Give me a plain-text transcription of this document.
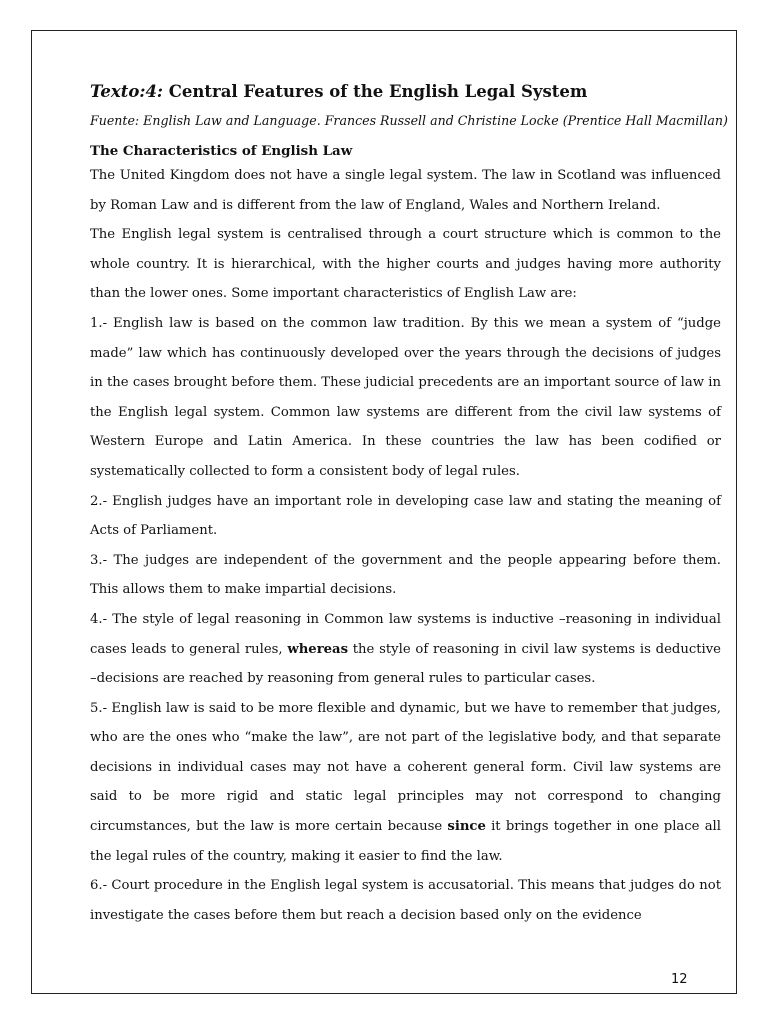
Texto:4: Central Features of the English Legal System

Fuente: English Law and Language. Frances Russell and Christine Locke (Prentice Hall Macmillan)

The Characteristics of English Law

The United Kingdom does not have a single legal system. The law in Scotland was influenced by Roman Law and is different from the law of England, Wales and Northern Ireland.

The English legal system is centralised through a court structure which is common to the whole country. It is hierarchical, with the higher courts and judges having more authority than the lower ones. Some important characteristics of English Law are:

1.- English law is based on the common law tradition. By this we mean a system of “judge made” law which has continuously developed over the years through the decisions of judges in the cases brought before them. These judicial precedents are an important source of law in the English legal system. Common law systems are different from the civil law systems of Western Europe and Latin America. In these countries the law has been codified or systematically collected to form a consistent body of legal rules.

2.- English judges have an important role in developing case law and stating the meaning of Acts of Parliament.

3.- The judges are independent of the government and the people appearing before them. This allows them to make impartial decisions.

4.- The style of legal reasoning in Common law systems is inductive –reasoning in individual cases leads to general rules, whereas the style of reasoning in civil law systems is deductive –decisions are reached by reasoning from general rules to particular cases.

5.- English law is said to be more flexible and dynamic, but we have to remember that judges, who are the ones who “make the law”, are not part of the legislative body, and that separate decisions in individual cases may not have a coherent general form. Civil law systems are said to be more rigid and static legal principles may not correspond to changing circumstances, but the law is more certain because since it brings together in one place all the legal rules of the country, making it easier to find the law.

6.- Court procedure in the English legal system is accusatorial. This means that judges do not investigate the cases before them but reach a decision based only on the evidence

12
